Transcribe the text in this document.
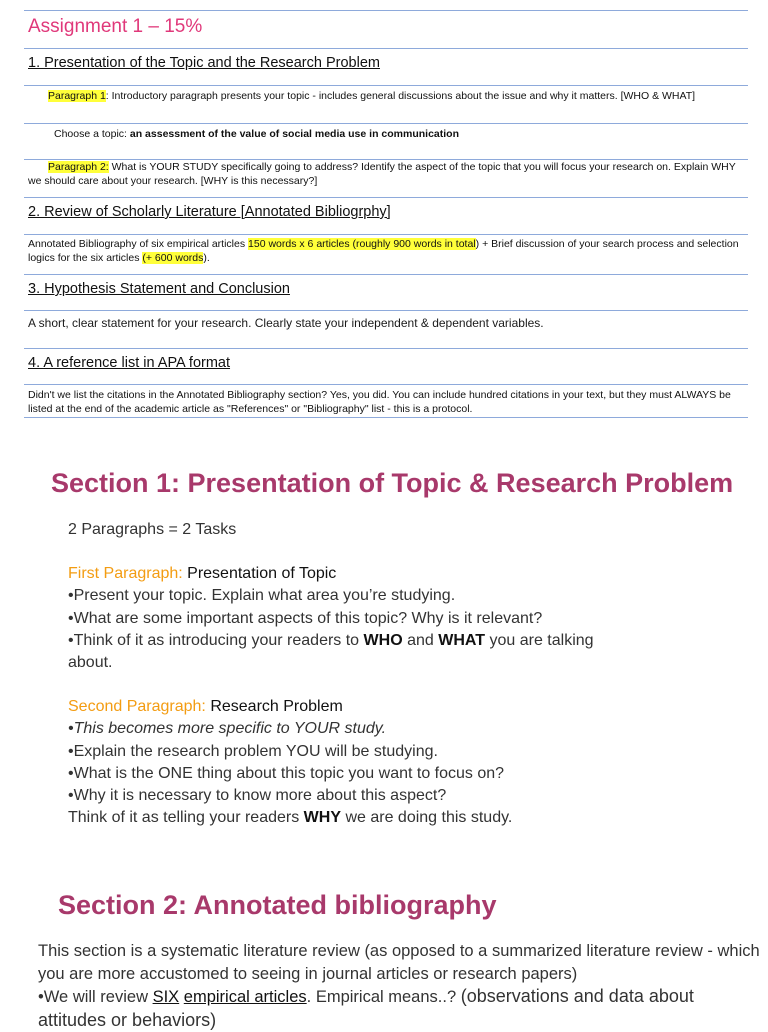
Assignment 1 – 15%
1. Presentation of the Topic and the Research Problem
Paragraph 1: Introductory paragraph presents your topic - includes general discussions about the issue and why it matters. [WHO & WHAT]
Choose a topic: an assessment of the value of social media use in communication
Paragraph 2: What is YOUR STUDY specifically going to address? Identify the aspect of the topic that you will focus your research on. Explain WHY we should care about your research. [WHY is this necessary?]
2. Review of Scholarly Literature [Annotated Bibliogrphy]
Annotated Bibliography of six empirical articles 150 words x 6 articles (roughly 900 words in total) + Brief discussion of your search process and selection logics for the six articles (+ 600 words).
3. Hypothesis Statement and Conclusion
A short, clear statement for your research. Clearly state your independent & dependent variables.
4. A reference list in APA format
Didn't we list the citations in the Annotated Bibliography section? Yes, you did. You can include hundred citations in your text, but they must ALWAYS be listed at the end of the academic article as "References" or "Bibliography" list - this is a protocol.
Section 1: Presentation of Topic & Research Problem
2 Paragraphs = 2 Tasks
First Paragraph: Presentation of Topic
•Present your topic. Explain what area you’re studying.
•What are some important aspects of this topic? Why is it relevant?
•Think of it as introducing your readers to WHO and WHAT you are talking
about.
Second Paragraph: Research Problem
•This becomes more specific to YOUR study.
•Explain the research problem YOU will be studying.
•What is the ONE thing about this topic you want to focus on?
•Why it is necessary to know more about this aspect?
Think of it as telling your readers WHY we are doing this study.
Section 2: Annotated bibliography
This section is a systematic literature review (as opposed to a summarized literature review - which you are more accustomed to seeing in journal articles or research papers)
•We will review SIX empirical articles. Empirical means..? (observations and data about attitudes or behaviors)
